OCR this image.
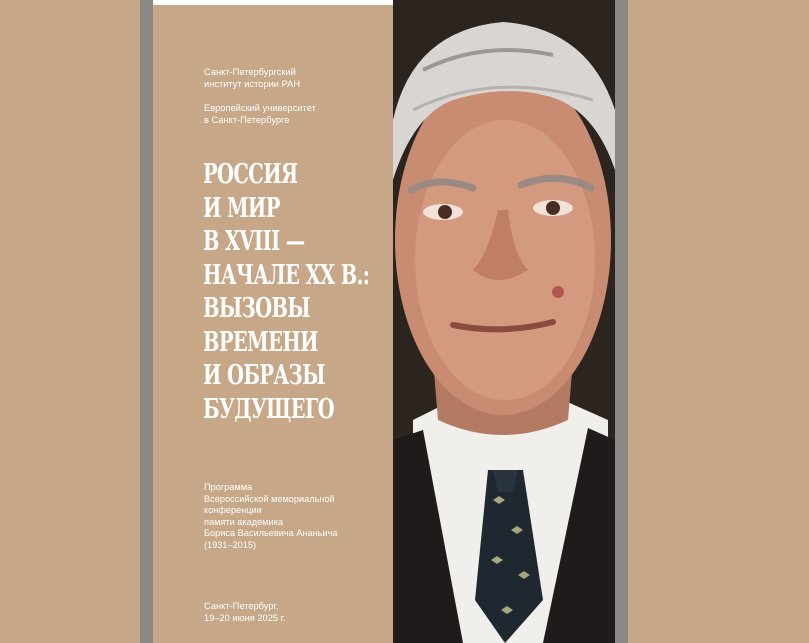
Санкт-Петербургский
институт истории РАН
Европейский университет
в Санкт-Петербурге
РОССИЯ
И МИР
В XVIII —
НАЧАЛЕ XX В.:
ВЫЗОВЫ
ВРЕМЕНИ
И ОБРАЗЫ
БУДУЩЕГО
Программа
Всероссийской мемориальной
конференции
памяти академика
Бориса Васильевича Ананьича
(1931–2015)
Санкт-Петербург,
19–20 июня 2025 г.
